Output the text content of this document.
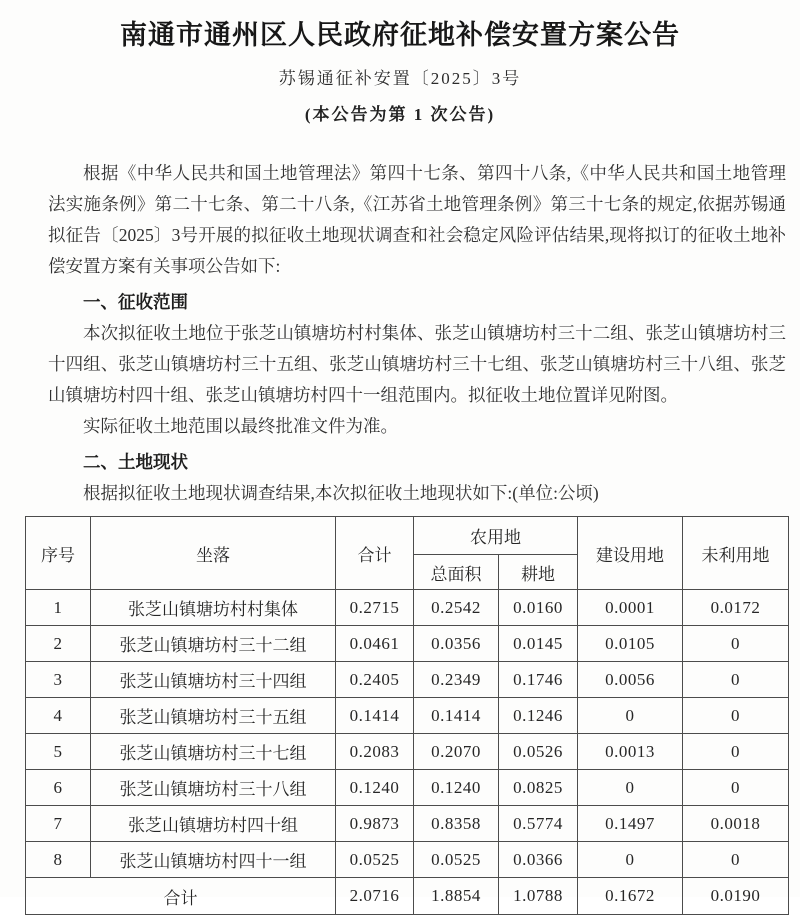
南通市通州区人民政府征地补偿安置方案公告
苏锡通征补安置〔2025〕3号
(本公告为第 1 次公告)

根据《中华人民共和国土地管理法》第四十七条、第四十八条,《中华人民共和国土地管理法实施条例》第二十七条、第二十八条,《江苏省土地管理条例》第三十七条的规定,依据苏锡通拟征告〔2025〕3号开展的拟征收土地现状调查和社会稳定风险评估结果,现将拟订的征收土地补偿安置方案有关事项公告如下:

一、征收范围

本次拟征收土地位于张芝山镇塘坊村村集体、张芝山镇塘坊村三十二组、张芝山镇塘坊村三十四组、张芝山镇塘坊村三十五组、张芝山镇塘坊村三十七组、张芝山镇塘坊村三十八组、张芝山镇塘坊村四十组、张芝山镇塘坊村四十一组范围内。拟征收土地位置详见附图。

实际征收土地范围以最终批准文件为准。

二、土地现状

根据拟征收土地现状调查结果,本次拟征收土地现状如下:(单位:公顷)

序号	坐落	合计	农用地		建设用地	未利用地
			总面积	耕地		
1	张芝山镇塘坊村村集体	0.2715	0.2542	0.0160	0.0001	0.0172
2	张芝山镇塘坊村三十二组	0.0461	0.0356	0.0145	0.0105	0
3	张芝山镇塘坊村三十四组	0.2405	0.2349	0.1746	0.0056	0
4	张芝山镇塘坊村三十五组	0.1414	0.1414	0.1246	0	0
5	张芝山镇塘坊村三十七组	0.2083	0.2070	0.0526	0.0013	0
6	张芝山镇塘坊村三十八组	0.1240	0.1240	0.0825	0	0
7	张芝山镇塘坊村四十组	0.9873	0.8358	0.5774	0.1497	0.0018
8	张芝山镇塘坊村四十一组	0.0525	0.0525	0.0366	0	0
合计		2.0716	1.8854	1.0788	0.1672	0.0190
